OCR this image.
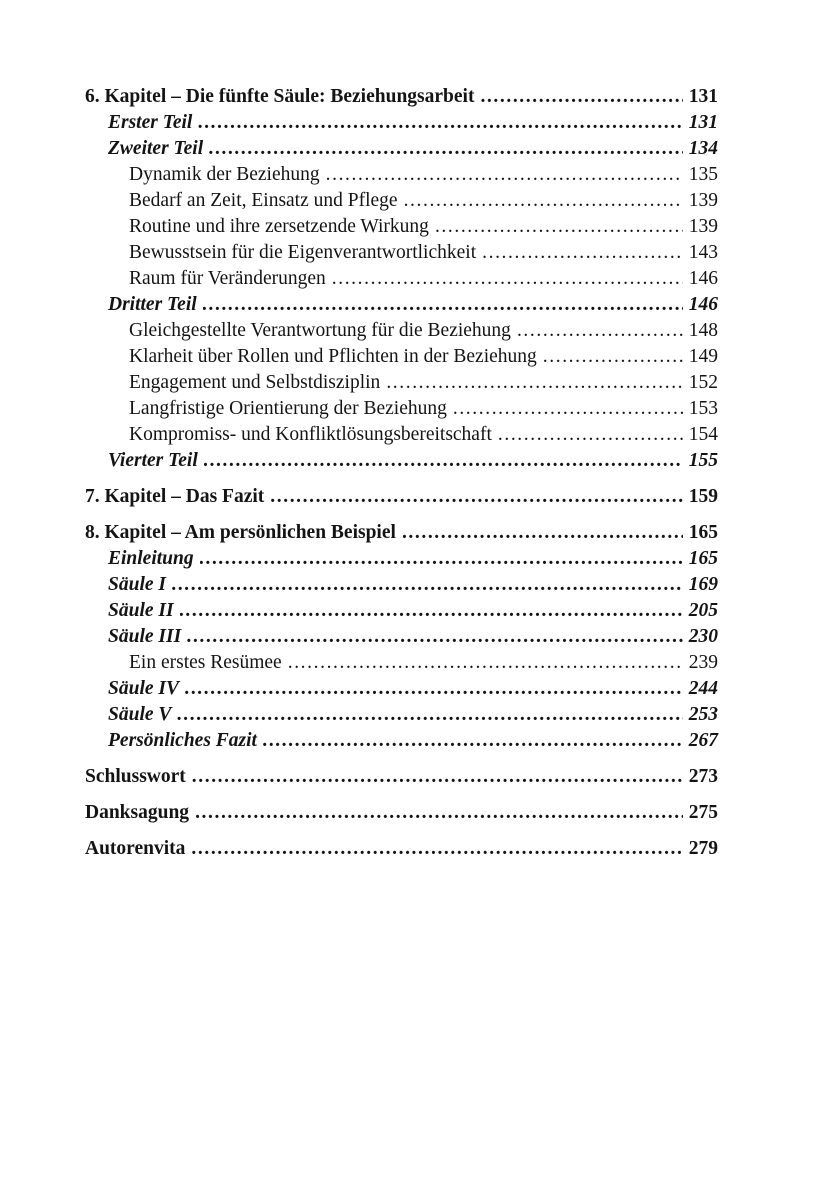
6. Kapitel – Die fünfte Säule: Beziehungsarbeit .....	131
Erster Teil .....	131
Zweiter Teil .....	134
Dynamik der Beziehung .....	135
Bedarf an Zeit, Einsatz und Pflege .....	139
Routine und ihre zersetzende Wirkung .....	139
Bewusstsein für die Eigenverantwortlichkeit .....	143
Raum für Veränderungen .....	146
Dritter Teil .....	146
Gleichgestellte Verantwortung für die Beziehung .....	148
Klarheit über Rollen und Pflichten in der Beziehung .....	149
Engagement und Selbstdisziplin .....	152
Langfristige Orientierung der Beziehung .....	153
Kompromiss- und Konfliktlösungsbereitschaft .....	154
Vierter Teil .....	155
7. Kapitel – Das Fazit .....	159
8. Kapitel – Am persönlichen Beispiel .....	165
Einleitung .....	165
Säule I .....	169
Säule II .....	205
Säule III .....	230
Ein erstes Resümee .....	239
Säule IV .....	244
Säule V .....	253
Persönliches Fazit .....	267
Schlusswort .....	273
Danksagung .....	275
Autorenvita .....	279
